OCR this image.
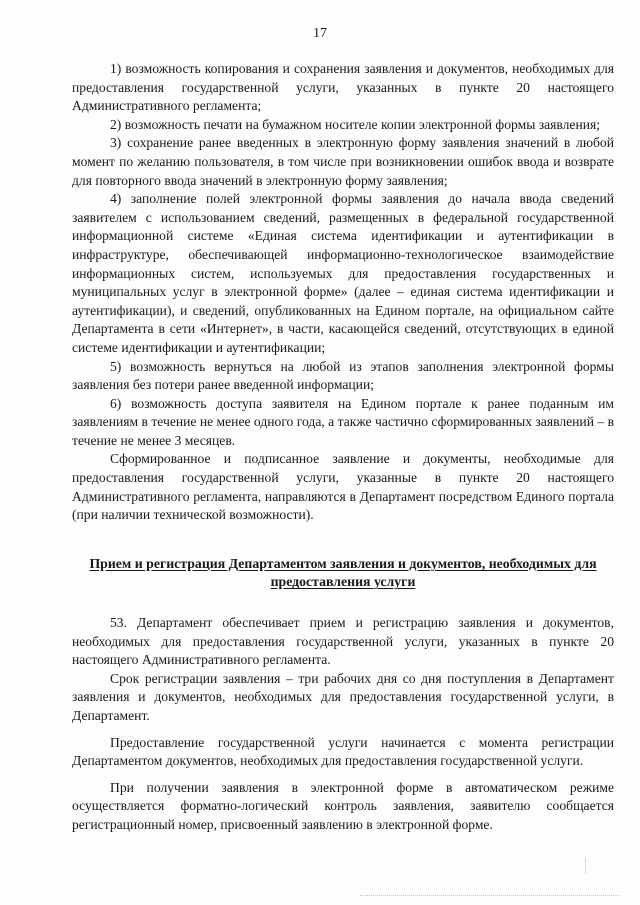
17

1) возможность копирования и сохранения заявления и документов, необходимых для предоставления государственной услуги, указанных в пункте 20 настоящего Административного регламента;

2) возможность печати на бумажном носителе копии электронной формы заявления;

3) сохранение ранее введенных в электронную форму заявления значений в любой момент по желанию пользователя, в том числе при возникновении ошибок ввода и возврате для повторного ввода значений в электронную форму заявления;

4) заполнение полей электронной формы заявления до начала ввода сведений заявителем с использованием сведений, размещенных в федеральной государственной информационной системе «Единая система идентификации и аутентификации в инфраструктуре, обеспечивающей информационно-технологическое взаимодействие информационных систем, используемых для предоставления государственных и муниципальных услуг в электронной форме» (далее – единая система идентификации и аутентификации), и сведений, опубликованных на Едином портале, на официальном сайте Департамента в сети «Интернет», в части, касающейся сведений, отсутствующих в единой системе идентификации и аутентификации;

5) возможность вернуться на любой из этапов заполнения электронной формы заявления без потери ранее введенной информации;

6) возможность доступа заявителя на Едином портале к ранее поданным им заявлениям в течение не менее одного года, а также частично сформированных заявлений – в течение не менее 3 месяцев.

Сформированное и подписанное заявление и документы, необходимые для предоставления государственной услуги, указанные в пункте 20 настоящего Административного регламента, направляются в Департамент посредством Единого портала (при наличии технической возможности).

Прием и регистрация Департаментом заявления и документов, необходимых для предоставления услуги

53. Департамент обеспечивает прием и регистрацию заявления и документов, необходимых для предоставления государственной услуги, указанных в пункте 20 настоящего Административного регламента.

Срок регистрации заявления – три рабочих дня со дня поступления в Департамент заявления и документов, необходимых для предоставления государственной услуги, в Департамент.

Предоставление государственной услуги начинается с момента регистрации Департаментом документов, необходимых для предоставления государственной услуги.

При получении заявления в электронной форме в автоматическом режиме осуществляется форматно-логический контроль заявления, заявителю сообщается регистрационный номер, присвоенный заявлению в электронной форме.
